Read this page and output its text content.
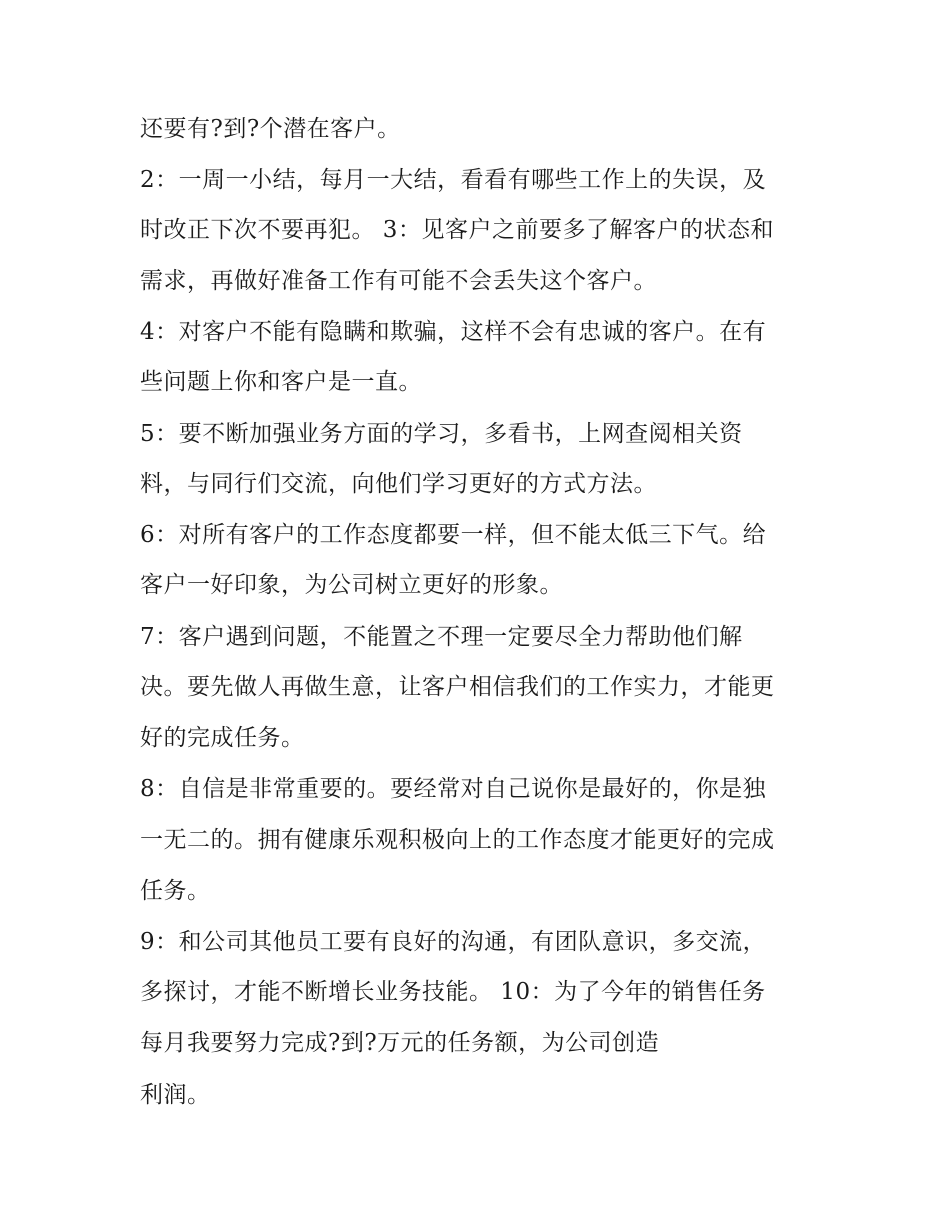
还要有?到?个潜在客户。
2：一周一小结，每月一大结，看看有哪些工作上的失误，及
时改正下次不要再犯。 3：见客户之前要多了解客户的状态和
需求，再做好准备工作有可能不会丢失这个客户。
4：对客户不能有隐瞒和欺骗，这样不会有忠诚的客户。在有
些问题上你和客户是一直。
5：要不断加强业务方面的学习，多看书，上网查阅相关资
料，与同行们交流，向他们学习更好的方式方法。
6：对所有客户的工作态度都要一样，但不能太低三下气。给
客户一好印象，为公司树立更好的形象。
7：客户遇到问题，不能置之不理一定要尽全力帮助他们解
决。要先做人再做生意，让客户相信我们的工作实力，才能更
好的完成任务。
8：自信是非常重要的。要经常对自己说你是最好的，你是独
一无二的。拥有健康乐观积极向上的工作态度才能更好的完成
任务。
9：和公司其他员工要有良好的沟通，有团队意识，多交流，
多探讨，才能不断增长业务技能。 10：为了今年的销售任务
每月我要努力完成?到?万元的任务额，为公司创造
利润。
